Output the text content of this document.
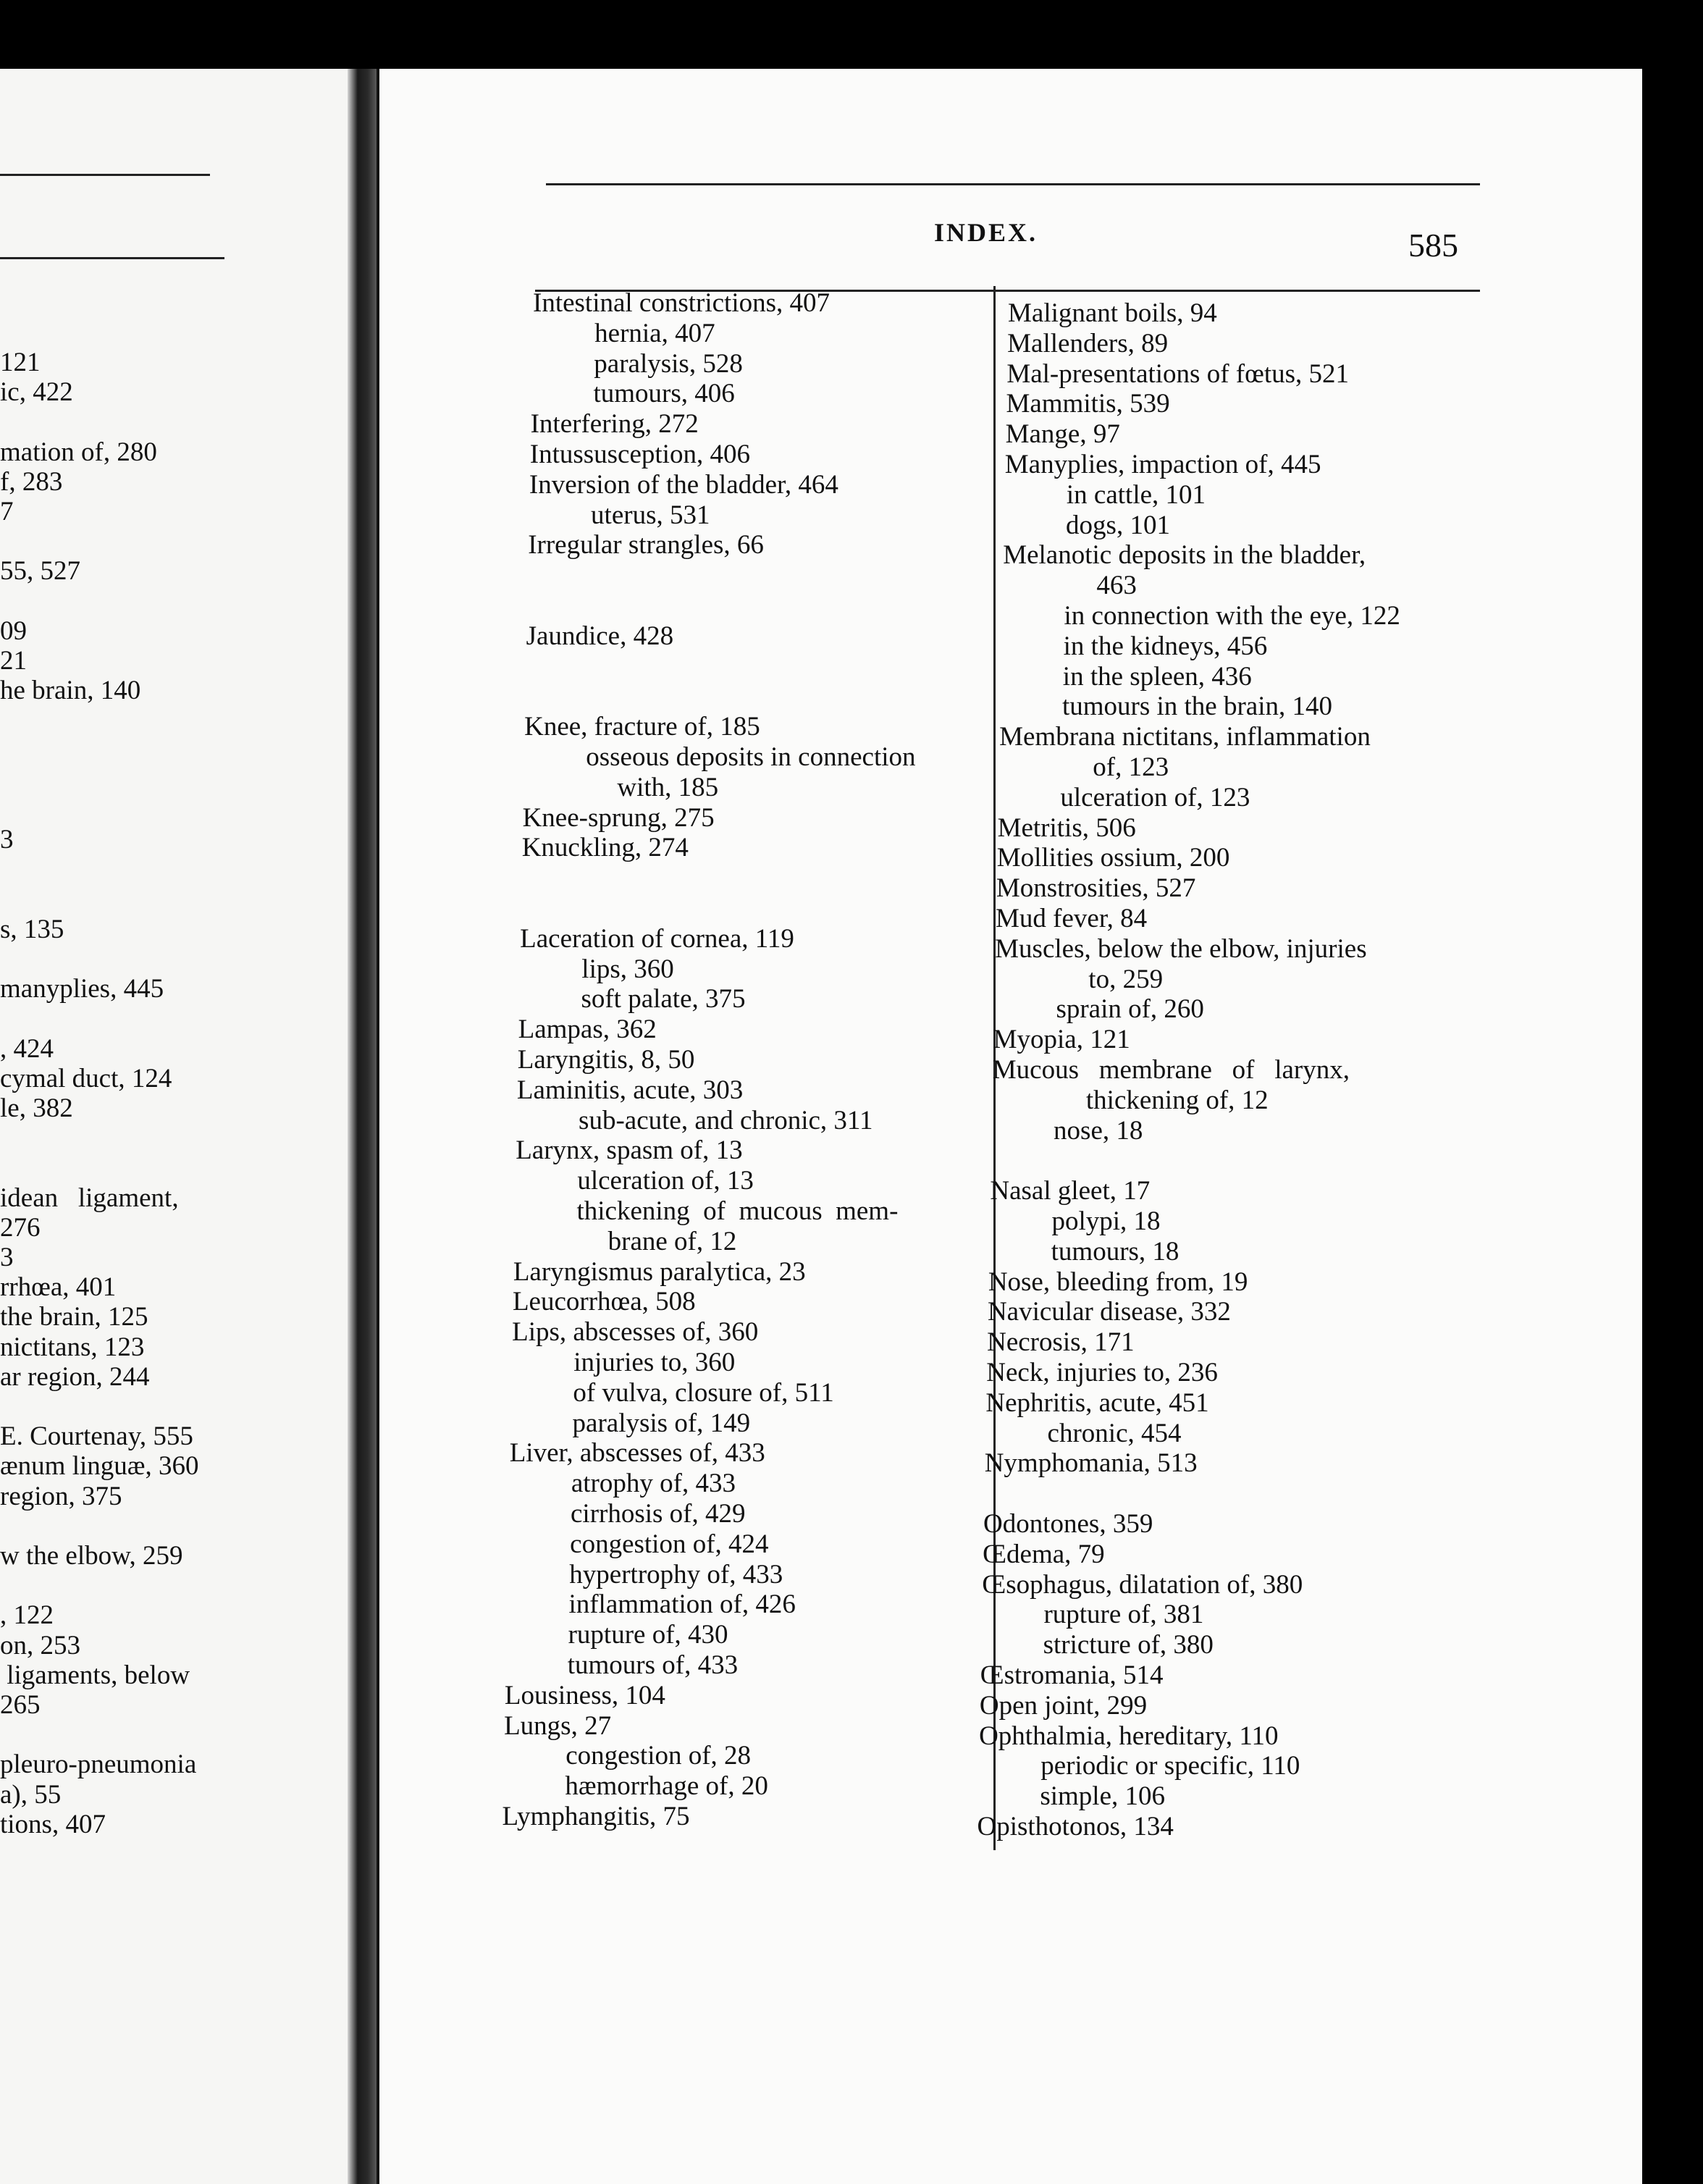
121
ic, 422
mation of, 280
f, 283
7
55, 527
09
21
he brain, 140
3
s, 135
manyplies, 445
, 424
cymal duct, 124
le, 382
idean   ligament,
276
3
rrhœa, 401
the brain, 125
nictitans, 123
ar region, 244
E. Courtenay, 555
ænum linguæ, 360
region, 375
w the elbow, 259
, 122
on, 253
ligaments, below
265
pleuro-pneumonia
a), 55
tions, 407
INDEX.	585
Intestinal constrictions, 407
hernia, 407
paralysis, 528
tumours, 406
Interfering, 272
Intussusception, 406
Inversion of the bladder, 464
uterus, 531
Irregular strangles, 66
Jaundice, 428
Knee, fracture of, 185
osseous deposits in connection
with, 185
Knee-sprung, 275
Knuckling, 274
Laceration of cornea, 119
lips, 360
soft palate, 375
Lampas, 362
Laryngitis, 8, 50
Laminitis, acute, 303
sub-acute, and chronic, 311
Larynx, spasm of, 13
ulceration of, 13
thickening  of  mucous  mem-
brane of, 12
Laryngismus paralytica, 23
Leucorrhœa, 508
Lips, abscesses of, 360
injuries to, 360
of vulva, closure of, 511
paralysis of, 149
Liver, abscesses of, 433
atrophy of, 433
cirrhosis of, 429
congestion of, 424
hypertrophy of, 433
inflammation of, 426
rupture of, 430
tumours of, 433
Lousiness, 104
Lungs, 27
congestion of, 28
hæmorrhage of, 20
Lymphangitis, 75
Malignant boils, 94
Mallenders, 89
Mal-presentations of fœtus, 521
Mammitis, 539
Mange, 97
Manyplies, impaction of, 445
in cattle, 101
dogs, 101
Melanotic deposits in the bladder,
463
in connection with the eye, 122
in the kidneys, 456
in the spleen, 436
tumours in the brain, 140
Membrana nictitans, inflammation
of, 123
ulceration of, 123
Metritis, 506
Mollities ossium, 200
Monstrosities, 527
Mud fever, 84
Muscles, below the elbow, injuries
to, 259
sprain of, 260
Myopia, 121
Mucous   membrane   of   larynx,
thickening of, 12
nose, 18
Nasal gleet, 17
polypi, 18
tumours, 18
Nose, bleeding from, 19
Navicular disease, 332
Necrosis, 171
Neck, injuries to, 236
Nephritis, acute, 451
chronic, 454
Nymphomania, 513
Odontones, 359
Œdema, 79
Œsophagus, dilatation of, 380
rupture of, 381
stricture of, 380
Œstromania, 514
Open joint, 299
Ophthalmia, hereditary, 110
periodic or specific, 110
simple, 106
Opisthotonos, 134
